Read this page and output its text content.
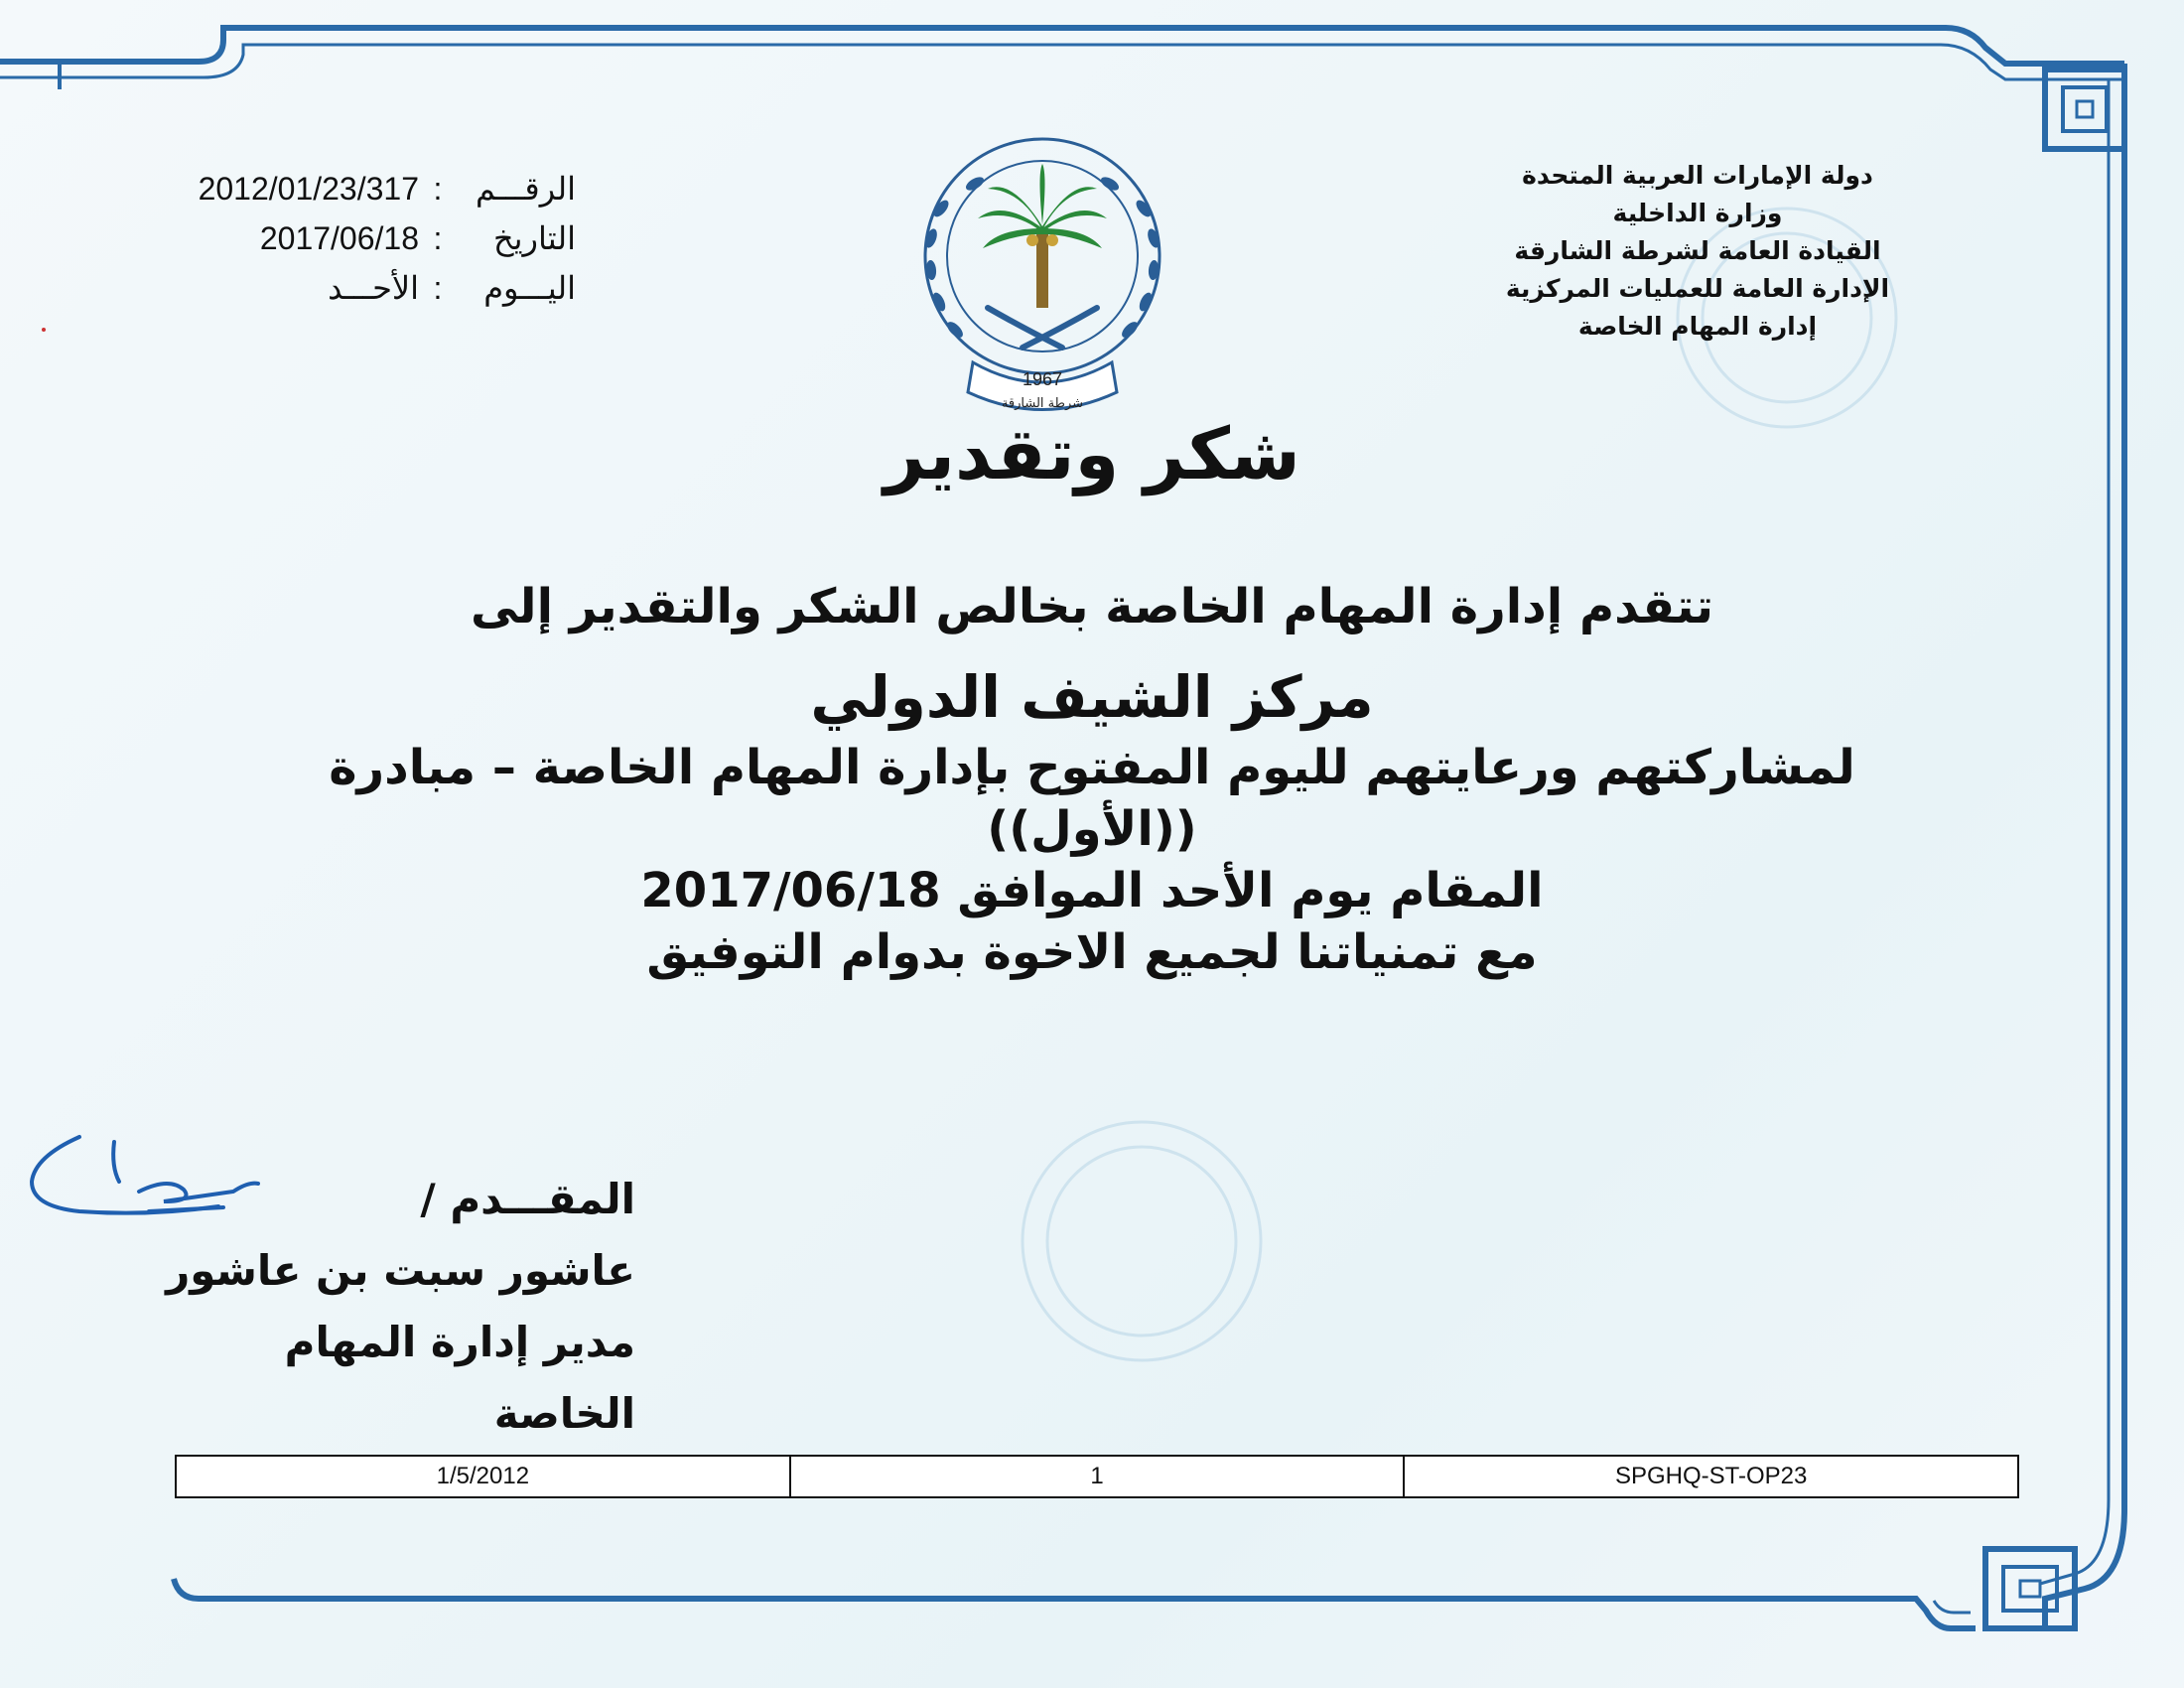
دولة الإمارات العربية المتحدة
وزارة الداخلية
القيادة العامة لشرطة الشارقة
الإدارة العامة للعمليات المركزية
إدارة المهام الخاصة
2012/01/23/317 :	الرقـــم
2017/06/18 :	التاريخ
الأحـــد :	اليـــوم
1967
شرطة الشارقة
شكر وتقدير
تتقدم إدارة المهام الخاصة بخالص الشكر والتقدير إلى
مركز الشيف الدولي
لمشاركتهم ورعايتهم لليوم المفتوح بإدارة المهام الخاصة – مبادرة
((الأول))
المقام يوم الأحد الموافق 2017/06/18
مع تمنياتنا لجميع الاخوة بدوام التوفيق
المقـــدم /
عاشور سبت بن عاشور
مدير إدارة المهام الخاصة
1/5/2012	1	SPGHQ-ST-OP23
